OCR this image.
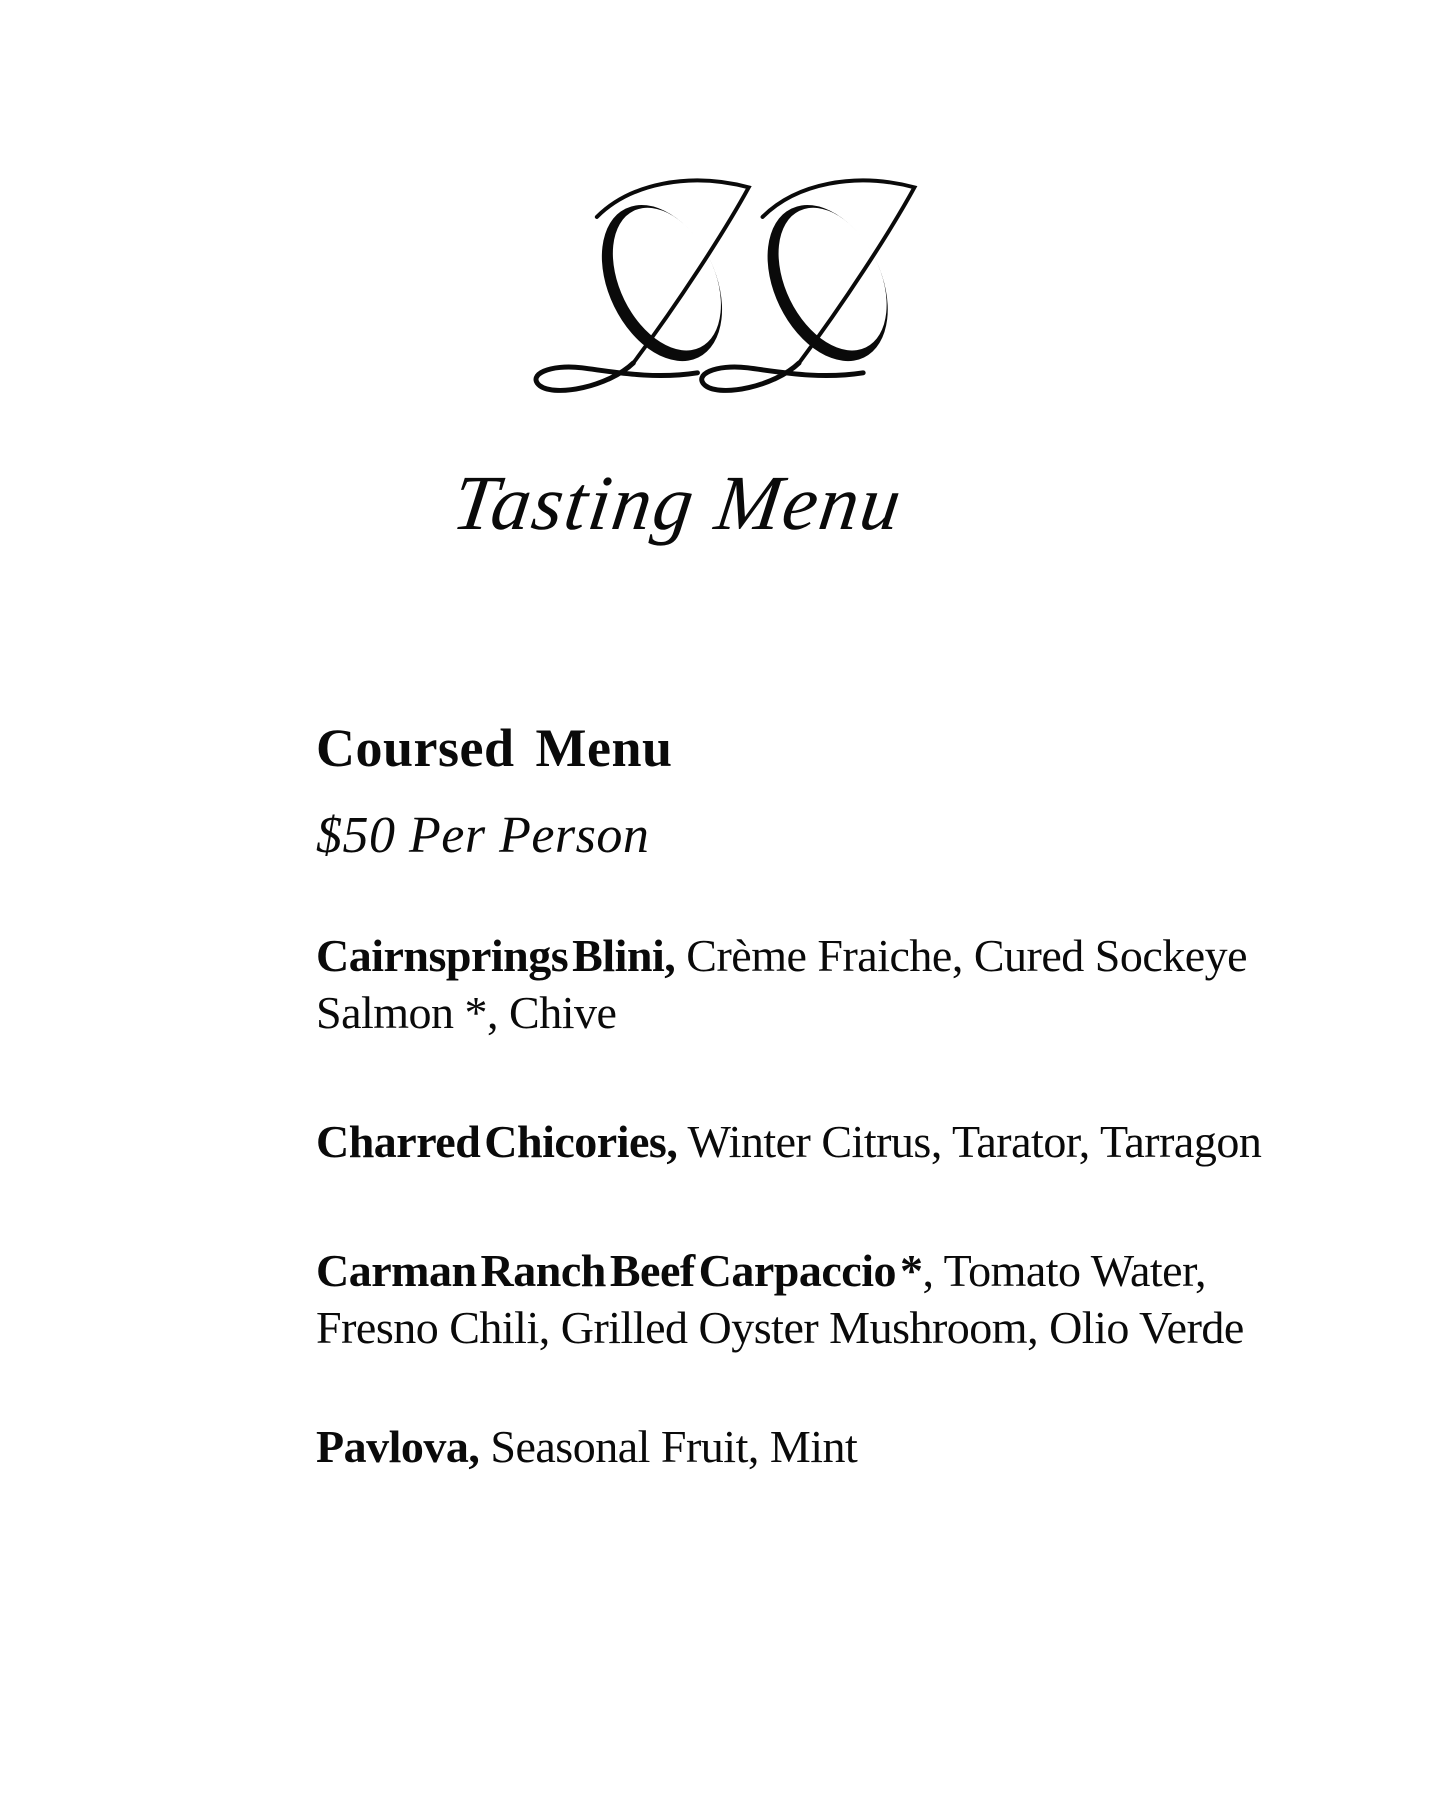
Tasting Menu
Coursed Menu
$50 Per Person

Cairnsprings Blini, Crème Fraiche, Cured Sockeye Salmon *, Chive

Charred Chicories, Winter Citrus, Tarator, Tarragon

Carman Ranch Beef Carpaccio *, Tomato Water, Fresno Chili, Grilled Oyster Mushroom, Olio Verde

Pavlova, Seasonal Fruit, Mint
